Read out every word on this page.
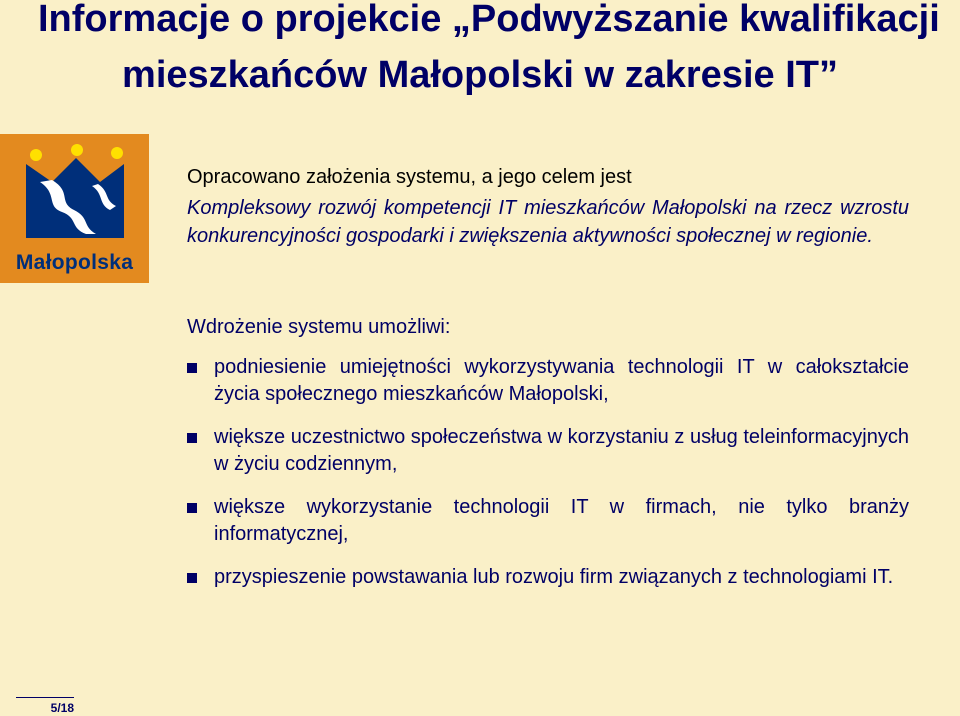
Informacje o projekcie „Podwyższanie kwalifikacji
mieszkańców Małopolski w zakresie IT”
Małopolska
Opracowano założenia systemu, a jego celem jest
Kompleksowy rozwój kompetencji IT mieszkańców Małopolski na rzecz wzrostu konkurencyjności gospodarki i zwiększenia aktywności społecznej w regionie.
Wdrożenie systemu umożliwi:
podniesienie umiejętności wykorzystywania technologii IT w całokształcie życia społecznego mieszkańców Małopolski,
większe uczestnictwo społeczeństwa w korzystaniu z usług teleinformacyjnych w życiu codziennym,
większe wykorzystanie technologii IT w firmach, nie tylko branży informatycznej,
przyspieszenie powstawania lub rozwoju firm związanych z technologiami IT.
5/18
